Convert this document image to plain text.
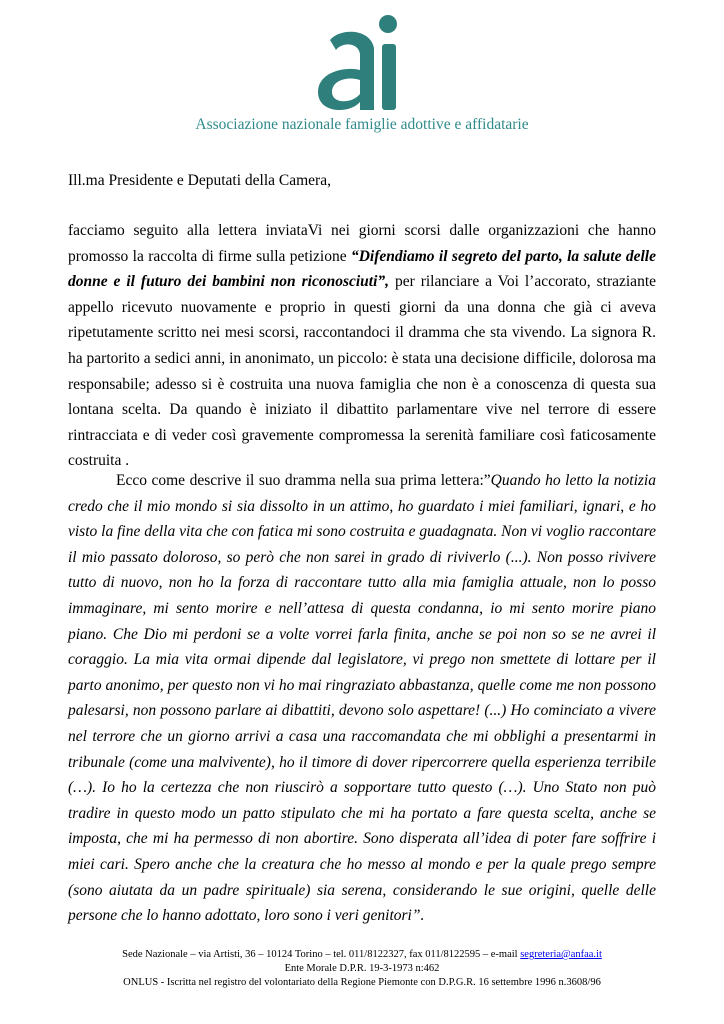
Associazione nazionale famiglie adottive e affidatarie
Ill.ma Presidente e Deputati della Camera,

facciamo seguito alla lettera inviataVi nei giorni scorsi dalle organizzazioni che hanno promosso la raccolta di firme sulla petizione “Difendiamo il segreto del parto, la salute delle donne e il futuro dei bambini non riconosciuti”, per rilanciare a Voi l’accorato, straziante appello ricevuto nuovamente e proprio in questi giorni da una donna che già ci aveva ripetutamente scritto nei mesi scorsi, raccontandoci il dramma che sta vivendo. La signora R. ha partorito a sedici anni, in anonimato, un piccolo: è stata una decisione difficile, dolorosa ma responsabile; adesso si è costruita una nuova famiglia che non è a conoscenza di questa sua lontana scelta. Da quando è iniziato il dibattito parlamentare vive nel terrore di essere rintracciata e di veder così gravemente compromessa la serenità familiare così faticosamente costruita .

Ecco come descrive il suo dramma nella sua prima lettera:”Quando ho letto la notizia credo che il mio mondo si sia dissolto in un attimo, ho guardato i miei familiari, ignari, e ho visto la fine della vita che con fatica mi sono costruita e guadagnata. Non vi voglio raccontare il mio passato doloroso, so però che non sarei in grado di riviverlo (...). Non posso rivivere tutto di nuovo, non ho la forza di raccontare tutto alla mia famiglia attuale, non lo posso immaginare, mi sento morire e nell’attesa di questa condanna, io mi sento morire piano piano. Che Dio mi perdoni se a volte vorrei farla finita, anche se poi non so se ne avrei il coraggio. La mia vita ormai dipende dal legislatore, vi prego non smettete di lottare per il parto anonimo, per questo non vi ho mai ringraziato abbastanza, quelle come me non possono palesarsi, non possono parlare ai dibattiti, devono solo aspettare! (...) Ho cominciato a vivere nel terrore che un giorno arrivi a casa una raccomandata che mi obblighi a presentarmi in tribunale (come una malvivente), ho il timore di dover ripercorrere quella esperienza terribile (…). Io ho la certezza che non riuscirò a sopportare tutto questo (…). Uno Stato non può tradire in questo modo un patto stipulato che mi ha portato a fare questa scelta, anche se imposta, che mi ha permesso di non abortire. Sono disperata all’idea di poter fare soffrire i miei cari. Spero anche che la creatura che ho messo al mondo e per la quale prego sempre (sono aiutata da un padre spirituale) sia serena, considerando le sue origini, quelle delle persone che lo hanno adottato, loro sono i veri genitori”.

Sede Nazionale – via Artisti, 36 – 10124 Torino – tel. 011/8122327, fax 011/8122595 – e-mail segreteria@anfaa.it
Ente Morale D.P.R. 19-3-1973 n:462
ONLUS - Iscritta nel registro del volontariato della Regione Piemonte con D.P.G.R. 16 settembre 1996 n.3608/96
